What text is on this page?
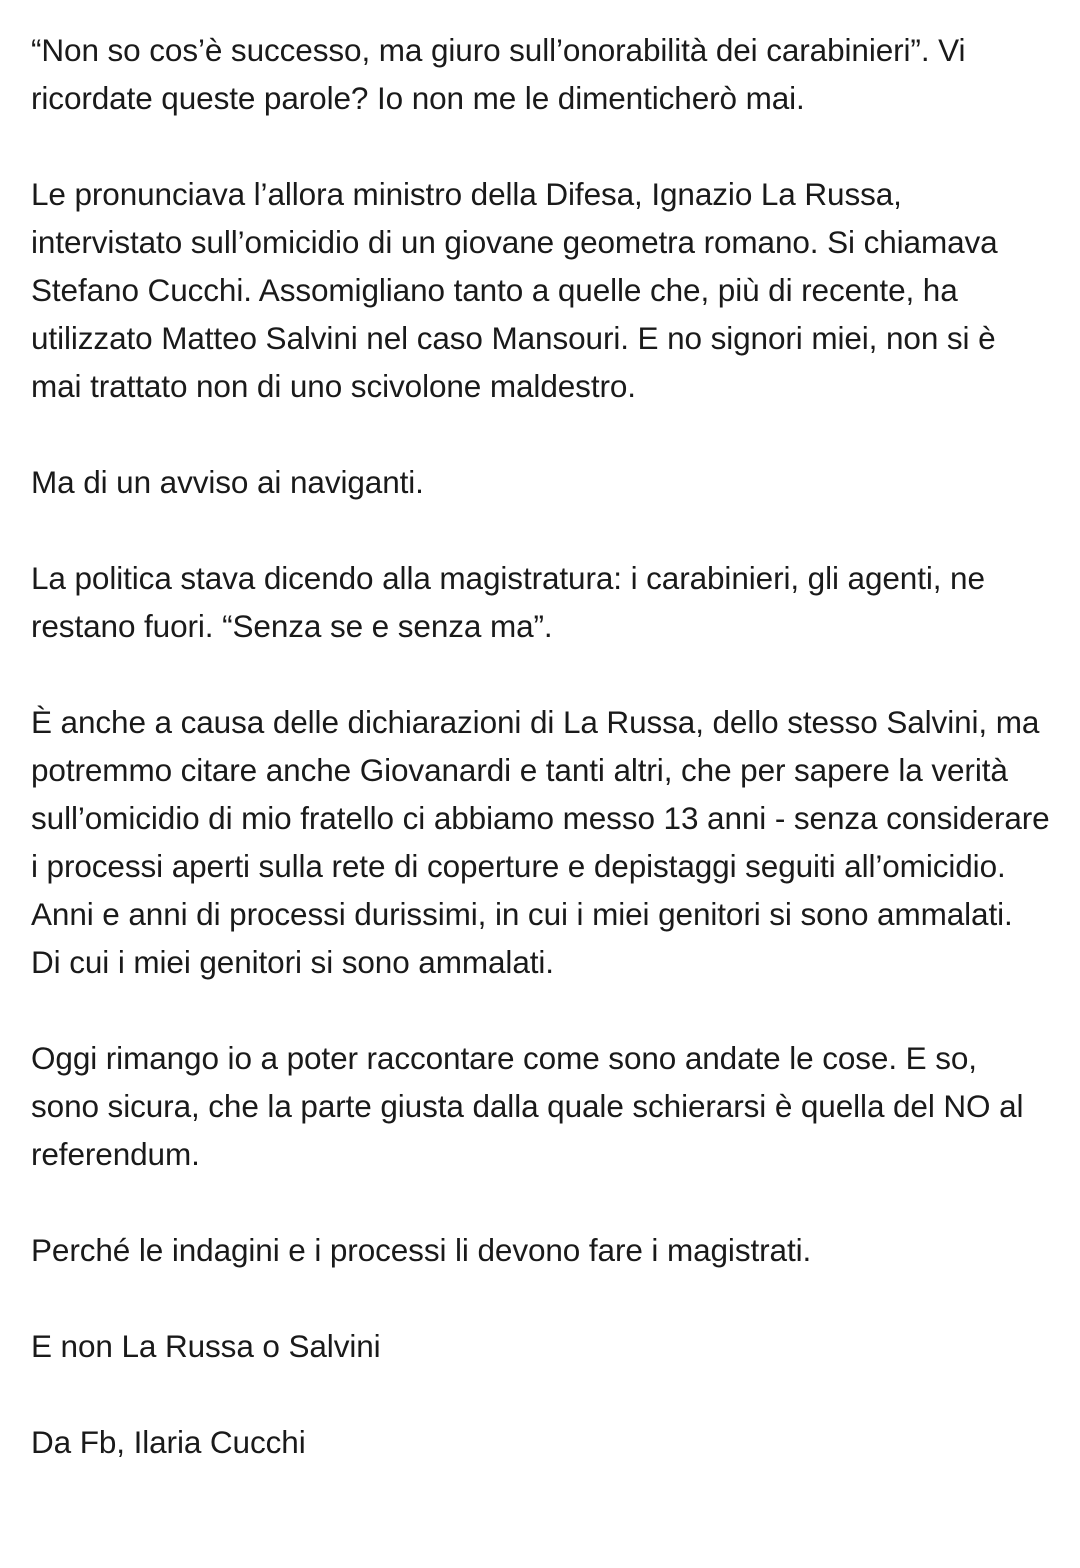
“Non so cos’è successo, ma giuro sull’onorabilità dei carabinieri”. Vi ricordate queste parole? Io non me le dimenticherò mai.

Le pronunciava l’allora ministro della Difesa, Ignazio La Russa, intervistato sull’omicidio di un giovane geometra romano. Si chiamava Stefano Cucchi. Assomigliano tanto a quelle che, più di recente, ha utilizzato Matteo Salvini nel caso Mansouri. E no signori miei, non si è mai trattato non di uno scivolone maldestro.

Ma di un avviso ai naviganti.

La politica stava dicendo alla magistratura: i carabinieri, gli agenti, ne restano fuori. “Senza se e senza ma”.

È anche a causa delle dichiarazioni di La Russa, dello stesso Salvini, ma potremmo citare anche Giovanardi e tanti altri, che per sapere la verità sull’omicidio di mio fratello ci abbiamo messo 13 anni - senza considerare i processi aperti sulla rete di coperture e depistaggi seguiti all’omicidio. Anni e anni di processi durissimi, in cui i miei genitori si sono ammalati. Di cui i miei genitori si sono ammalati.

Oggi rimango io a poter raccontare come sono andate le cose. E so, sono sicura, che la parte giusta dalla quale schierarsi è quella del NO al referendum.

Perché le indagini e i processi li devono fare i magistrati.

E non La Russa o Salvini

Da Fb, Ilaria Cucchi
